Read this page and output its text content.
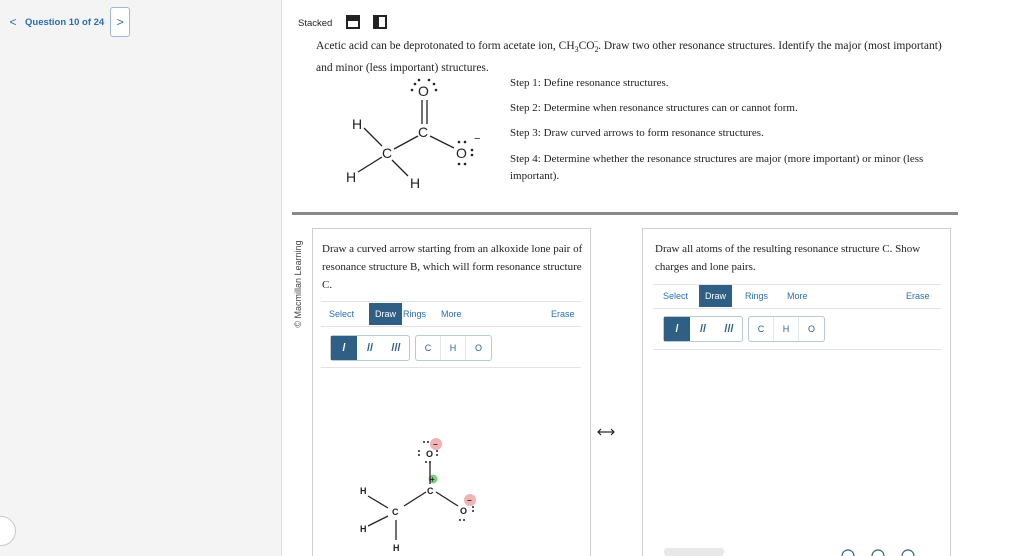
< Question 10 of 24 >
© Macmillan Learning
Stacked
Acetic acid can be deprotonated to form acetate ion, $CH_3CO_2^-$. Draw two other resonance structures. Identify the major (most important) and minor (less important) structures.
Step 1: Define resonance structures.
Step 2: Determine when resonance structures can or cannot form.
Step 3: Draw curved arrows to form resonance structures.
Step 4: Determine whether the resonance structures are major (more important) or minor (less important).
O
C
O
H
H	H
C
−
Draw a curved arrow starting from an alkoxide lone pair of resonance structure B, which will form resonance structure C.
Select	Draw Rings More	Erase
/	//	///	C	H	O
Draw all atoms of the resulting resonance structure C. Show charges and lone pairs.
Select	Draw	Rings More	Erase
/	//	///	C	H	O
O
C
O
H
H
H
C
−
+
−
